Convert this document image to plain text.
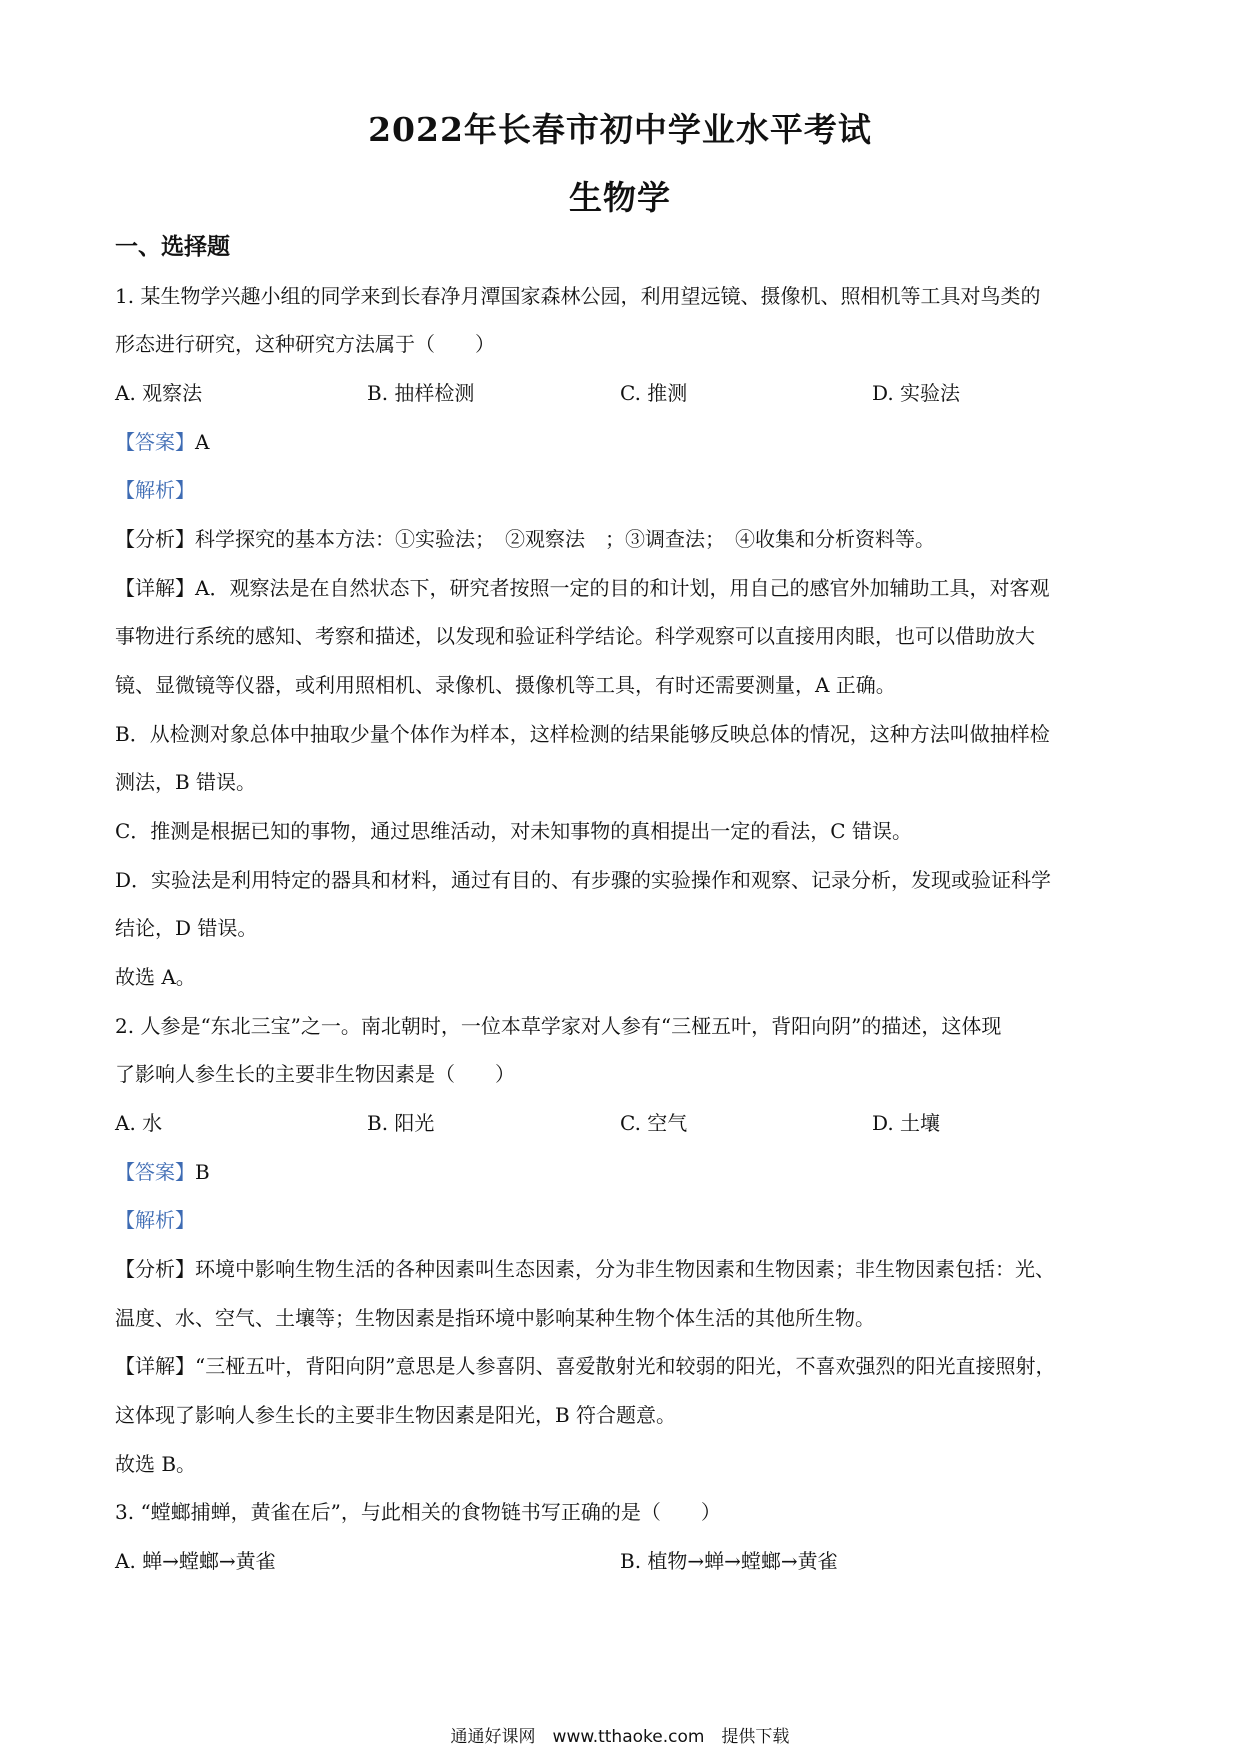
2022年长春市初中学业水平考试
生物学
一、选择题
1. 某生物学兴趣小组的同学来到长春净月潭国家森林公园，利用望远镜、摄像机、照相机等工具对鸟类的
形态进行研究，这种研究方法属于（　　）
A. 观察法	B. 抽样检测	C. 推测	D. 实验法
【答案】A
【解析】
【分析】科学探究的基本方法：①实验法；　②观察法　；③调查法；　④收集和分析资料等。
【详解】A．观察法是在自然状态下，研究者按照一定的目的和计划，用自己的感官外加辅助工具，对客观
事物进行系统的感知、考察和描述，以发现和验证科学结论。科学观察可以直接用肉眼，也可以借助放大
镜、显微镜等仪器，或利用照相机、录像机、摄像机等工具，有时还需要测量，A 正确。
B．从检测对象总体中抽取少量个体作为样本，这样检测的结果能够反映总体的情况，这种方法叫做抽样检
测法，B 错误。
C．推测是根据已知的事物，通过思维活动，对未知事物的真相提出一定的看法，C 错误。
D．实验法是利用特定的器具和材料，通过有目的、有步骤的实验操作和观察、记录分析，发现或验证科学
结论，D 错误。
故选 A。
2. 人参是“东北三宝”之一。南北朝时，一位本草学家对人参有“三桠五叶，背阳向阴”的描述，这体现
了影响人参生长的主要非生物因素是（　　）
A. 水	B. 阳光	C. 空气	D. 土壤
【答案】B
【解析】
【分析】环境中影响生物生活的各种因素叫生态因素，分为非生物因素和生物因素；非生物因素包括：光、
温度、水、空气、土壤等；生物因素是指环境中影响某种生物个体生活的其他所生物。
【详解】“三桠五叶，背阳向阴”意思是人参喜阴、喜爱散射光和较弱的阳光，不喜欢强烈的阳光直接照射，
这体现了影响人参生长的主要非生物因素是阳光，B 符合题意。
故选 B。
3. “螳螂捕蝉，黄雀在后”，与此相关的食物链书写正确的是（　　）
A. 蝉→螳螂→黄雀	B. 植物→蝉→螳螂→黄雀
通通好课网　www.tthaoke.com　提供下载
